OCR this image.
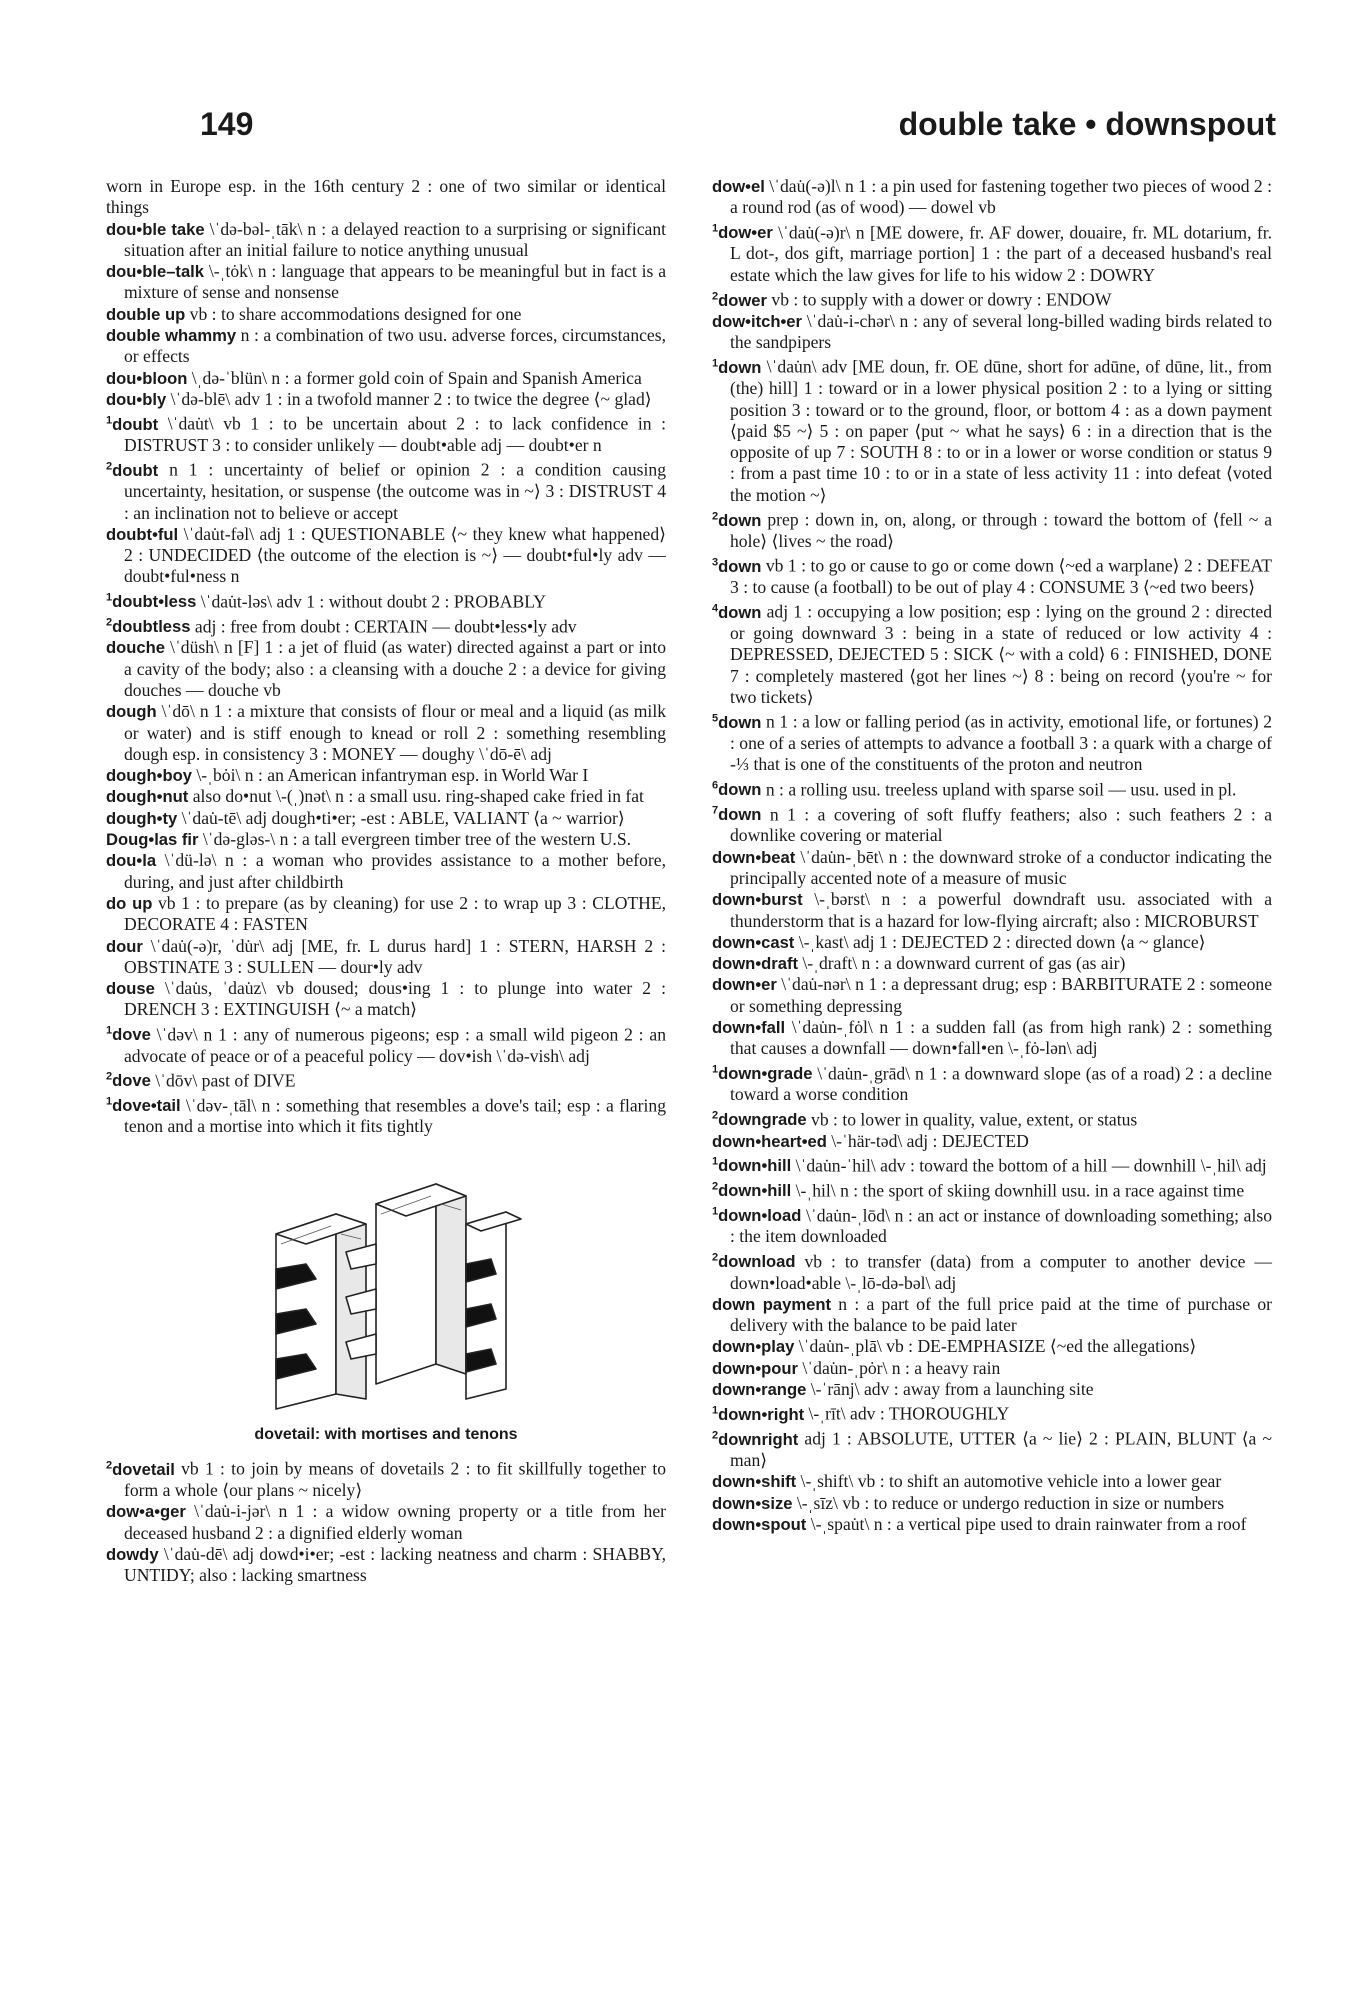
149	double take • downspout

worn in Europe esp. in the 16th century 2 : one of two similar or identical things

dou•ble take \ˈdə-bəl-ˌtāk\ n : a delayed reaction to a surprising or significant situation after an initial failure to notice anything unusual

dou•ble–talk \-ˌtȯk\ n : language that appears to be meaningful but in fact is a mixture of sense and nonsense

double up vb : to share accommodations designed for one

double whammy n : a combination of two usu. adverse forces, circumstances, or effects

dou•bloon \ˌdə-ˈblün\ n : a former gold coin of Spain and Spanish America

dou•bly \ˈdə-blē\ adv 1 : in a twofold manner 2 : to twice the degree ⟨~ glad⟩

$^1$doubt \ˈdau̇t\ vb 1 : to be uncertain about 2 : to lack confidence in : DISTRUST 3 : to consider unlikely — doubt•able adj — doubt•er n

$^2$doubt n 1 : uncertainty of belief or opinion 2 : a condition causing uncertainty, hesitation, or suspense ⟨the outcome was in ~⟩ 3 : DISTRUST 4 : an inclination not to believe or accept

doubt•ful \ˈdau̇t-fəl\ adj 1 : QUESTIONABLE ⟨~ they knew what happened⟩ 2 : UNDECIDED ⟨the outcome of the election is ~⟩ — doubt•ful•ly adv — doubt•ful•ness n

$^1$doubt•less \ˈdau̇t-ləs\ adv 1 : without doubt 2 : PROBABLY

$^2$doubtless adj : free from doubt : CERTAIN — doubt•less•ly adv

douche \ˈdüsh\ n [F] 1 : a jet of fluid (as water) directed against a part or into a cavity of the body; also : a cleansing with a douche 2 : a device for giving douches — douche vb

dough \ˈdō\ n 1 : a mixture that consists of flour or meal and a liquid (as milk or water) and is stiff enough to knead or roll 2 : something resembling dough esp. in consistency 3 : MONEY — doughy \ˈdō-ē\ adj

dough•boy \-ˌbȯi\ n : an American infantryman esp. in World War I

dough•nut also do•nut \-(ˌ)nət\ n : a small usu. ring-shaped cake fried in fat

dough•ty \ˈdau̇-tē\ adj dough•ti•er; -est : ABLE, VALIANT ⟨a ~ warrior⟩

Doug•las fir \ˈdə-gləs-\ n : a tall evergreen timber tree of the western U.S.

dou•la \ˈdü-lə\ n : a woman who provides assistance to a mother before, during, and just after childbirth

do up vb 1 : to prepare (as by cleaning) for use 2 : to wrap up 3 : CLOTHE, DECORATE 4 : FASTEN

dour \ˈdau̇(-ə)r, ˈdu̇r\ adj [ME, fr. L durus hard] 1 : STERN, HARSH 2 : OBSTINATE 3 : SULLEN — dour•ly adv

douse \ˈdau̇s, ˈdau̇z\ vb doused; dous•ing 1 : to plunge into water 2 : DRENCH 3 : EXTINGUISH ⟨~ a match⟩

$^1$dove \ˈdəv\ n 1 : any of numerous pigeons; esp : a small wild pigeon 2 : an advocate of peace or of a peaceful policy — dov•ish \ˈdə-vish\ adj

$^2$dove \ˈdōv\ past of DIVE

$^1$dove•tail \ˈdəv-ˌtāl\ n : something that resembles a dove's tail; esp : a flaring tenon and a mortise into which it fits tightly

dovetail: with mortises and tenons

$^2$dovetail vb 1 : to join by means of dovetails 2 : to fit skillfully together to form a whole ⟨our plans ~ nicely⟩

dow•a•ger \ˈdau̇-i-jər\ n 1 : a widow owning property or a title from her deceased husband 2 : a dignified elderly woman

dowdy \ˈdau̇-dē\ adj dowd•i•er; -est : lacking neatness and charm : SHABBY, UNTIDY; also : lacking smartness

dow•el \ˈdau̇(-ə)l\ n 1 : a pin used for fastening together two pieces of wood 2 : a round rod (as of wood) — dowel vb

$^1$dow•er \ˈdau̇(-ə)r\ n [ME dowere, fr. AF dower, douaire, fr. ML dotarium, fr. L dot-, dos gift, marriage portion] 1 : the part of a deceased husband's real estate which the law gives for life to his widow 2 : DOWRY

$^2$dower vb : to supply with a dower or dowry : ENDOW

dow•itch•er \ˈdau̇-i-chər\ n : any of several long-billed wading birds related to the sandpipers

$^1$down \ˈdau̇n\ adv [ME doun, fr. OE dūne, short for adūne, of dūne, lit., from (the) hill] 1 : toward or in a lower physical position 2 : to a lying or sitting position 3 : toward or to the ground, floor, or bottom 4 : as a down payment ⟨paid $5 ~⟩ 5 : on paper ⟨put ~ what he says⟩ 6 : in a direction that is the opposite of up 7 : SOUTH 8 : to or in a lower or worse condition or status 9 : from a past time 10 : to or in a state of less activity 11 : into defeat ⟨voted the motion ~⟩

$^2$down prep : down in, on, along, or through : toward the bottom of ⟨fell ~ a hole⟩ ⟨lives ~ the road⟩

$^3$down vb 1 : to go or cause to go or come down ⟨~ed a warplane⟩ 2 : DEFEAT 3 : to cause (a football) to be out of play 4 : CONSUME 3 ⟨~ed two beers⟩

$^4$down adj 1 : occupying a low position; esp : lying on the ground 2 : directed or going downward 3 : being in a state of reduced or low activity 4 : DEPRESSED, DEJECTED 5 : SICK ⟨~ with a cold⟩ 6 : FINISHED, DONE 7 : completely mastered ⟨got her lines ~⟩ 8 : being on record ⟨you're ~ for two tickets⟩

$^5$down n 1 : a low or falling period (as in activity, emotional life, or fortunes) 2 : one of a series of attempts to advance a football 3 : a quark with a charge of -⅓ that is one of the constituents of the proton and neutron

$^6$down n : a rolling usu. treeless upland with sparse soil — usu. used in pl.

$^7$down n 1 : a covering of soft fluffy feathers; also : such feathers 2 : a downlike covering or material

down•beat \ˈdau̇n-ˌbēt\ n : the downward stroke of a conductor indicating the principally accented note of a measure of music

down•burst \-ˌbərst\ n : a powerful downdraft usu. associated with a thunderstorm that is a hazard for low-flying aircraft; also : MICROBURST

down•cast \-ˌkast\ adj 1 : DEJECTED 2 : directed down ⟨a ~ glance⟩

down•draft \-ˌdraft\ n : a downward current of gas (as air)

down•er \ˈdau̇-nər\ n 1 : a depressant drug; esp : BARBITURATE 2 : someone or something depressing

down•fall \ˈdau̇n-ˌfȯl\ n 1 : a sudden fall (as from high rank) 2 : something that causes a downfall — down•fall•en \-ˌfȯ-lən\ adj

$^1$down•grade \ˈdau̇n-ˌgrād\ n 1 : a downward slope (as of a road) 2 : a decline toward a worse condition

$^2$downgrade vb : to lower in quality, value, extent, or status

down•heart•ed \-ˈhär-təd\ adj : DEJECTED

$^1$down•hill \ˈdau̇n-ˈhil\ adv : toward the bottom of a hill — downhill \-ˌhil\ adj

$^2$down•hill \-ˌhil\ n : the sport of skiing downhill usu. in a race against time

$^1$down•load \ˈdau̇n-ˌlōd\ n : an act or instance of downloading something; also : the item downloaded

$^2$download vb : to transfer (data) from a computer to another device — down•load•able \-ˌlō-də-bəl\ adj

down payment n : a part of the full price paid at the time of purchase or delivery with the balance to be paid later

down•play \ˈdau̇n-ˌplā\ vb : DE-EMPHASIZE ⟨~ed the allegations⟩

down•pour \ˈdau̇n-ˌpȯr\ n : a heavy rain

down•range \-ˈrānj\ adv : away from a launching site

$^1$down•right \-ˌrīt\ adv : THOROUGHLY

$^2$downright adj 1 : ABSOLUTE, UTTER ⟨a ~ lie⟩ 2 : PLAIN, BLUNT ⟨a ~ man⟩

down•shift \-ˌshift\ vb : to shift an automotive vehicle into a lower gear

down•size \-ˌsīz\ vb : to reduce or undergo reduction in size or numbers

down•spout \-ˌspau̇t\ n : a vertical pipe used to drain rainwater from a roof
